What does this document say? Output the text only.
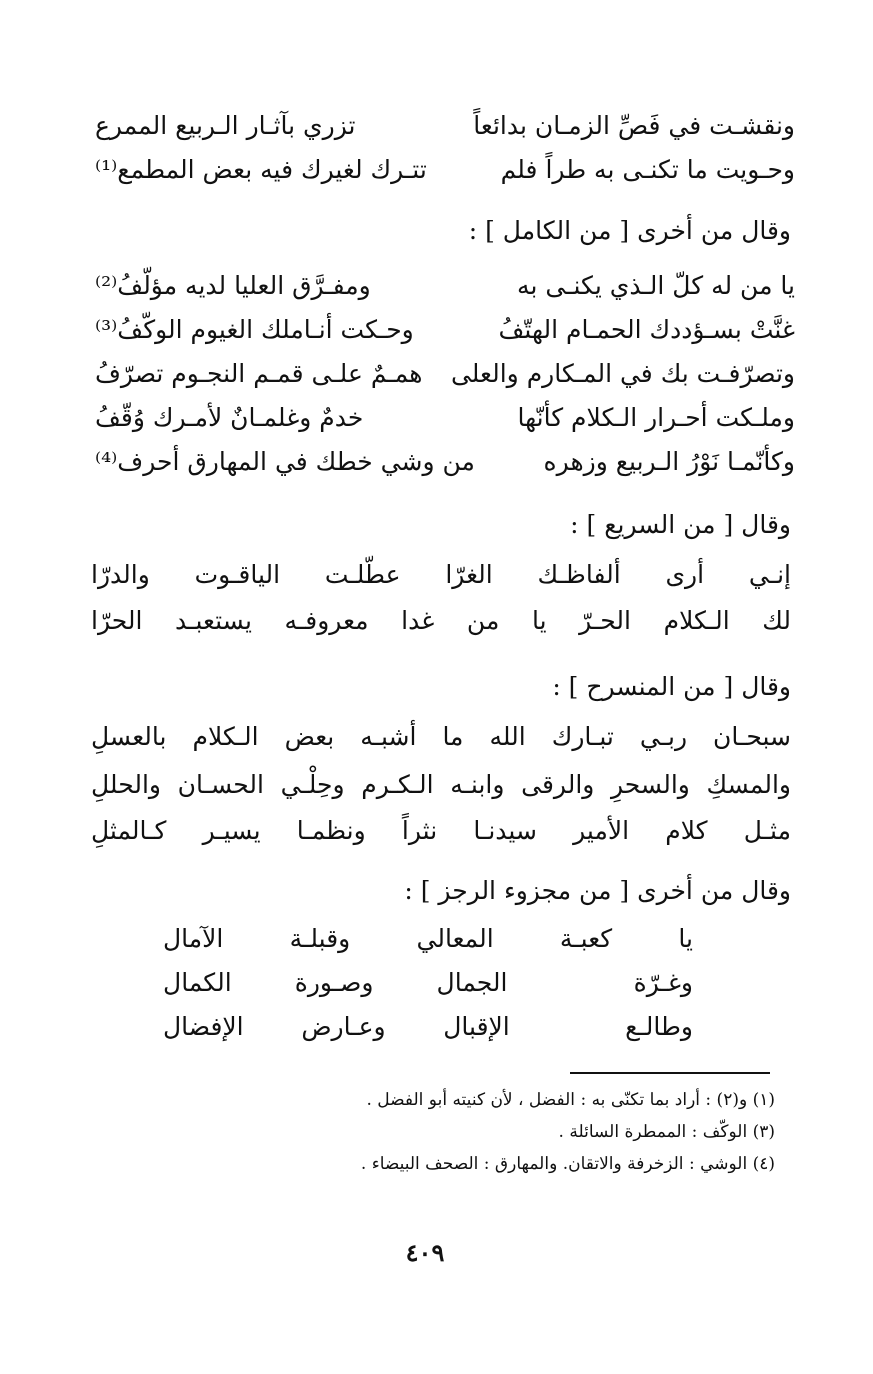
ونقشـت في فَصِّ الزمـان بدائعاً
تزري بآثـار الـربيع الممرع
وحـويت ما تكنـى به طراً فلم
تتـرك لغيرك فيه بعض المطمع⁽¹⁾
وقال من أخرى [ من الكامل ] :
يا من له كلّ الـذي يكنـى به
ومفـرَّق العليا لديه مؤلّفُ⁽²⁾
غنَّتْ بسـؤددك الحمـام الهتّفُ
وحـكت أنـاملك الغيوم الوكّفُ⁽³⁾
وتصرّفـت بك في المـكارم والعلى
همـمٌ علـى قمـم النجـوم تصرّفُ
وملـكت أحـرار الـكلام كأنّها
خدمٌ وغلمـانٌ لأمـرك وُقّفُ
وكأنّمـا نَوْرُ الـربيع وزهره
من وشي خطك في المهارق أحرف⁽⁴⁾
وقال [ من السريع ] :
إنـي أرى ألفاظـك الغرّا عطّلـت الياقـوت والدرّا
لك الـكلام الحـرّ يا من غدا معروفـه يستعبـد الحرّا
وقال [ من المنسرح ] :
سبحـان ربـي تبـارك الله ما أشبـه بعض الـكلام بالعسلِ
والمسكِ والسحرِ والرقى وابنـه الـكـرم وحِلْـي الحسـان والحللِ
مثـل كلام الأمير سيدنـا نثراً ونظمـا يسيـر كـالمثلِ
وقال من أخرى [ من مجزوء الرجز ] :
يا
كعبـة
المعالي
وقبلـة
الآمال
وغـرّة
الجمال
وصـورة
الكمال
وطالـع
الإقبال
وعـارض
الإفضال
(١) و(٢) : أراد بما تكنّى به : الفضل ، لأن كنيته أبو الفضل .
(٣) الوكّف : الممطرة السائلة .
(٤) الوشي : الزخرفة والاتقان. والمهارق : الصحف البيضاء .
٤٠٩
